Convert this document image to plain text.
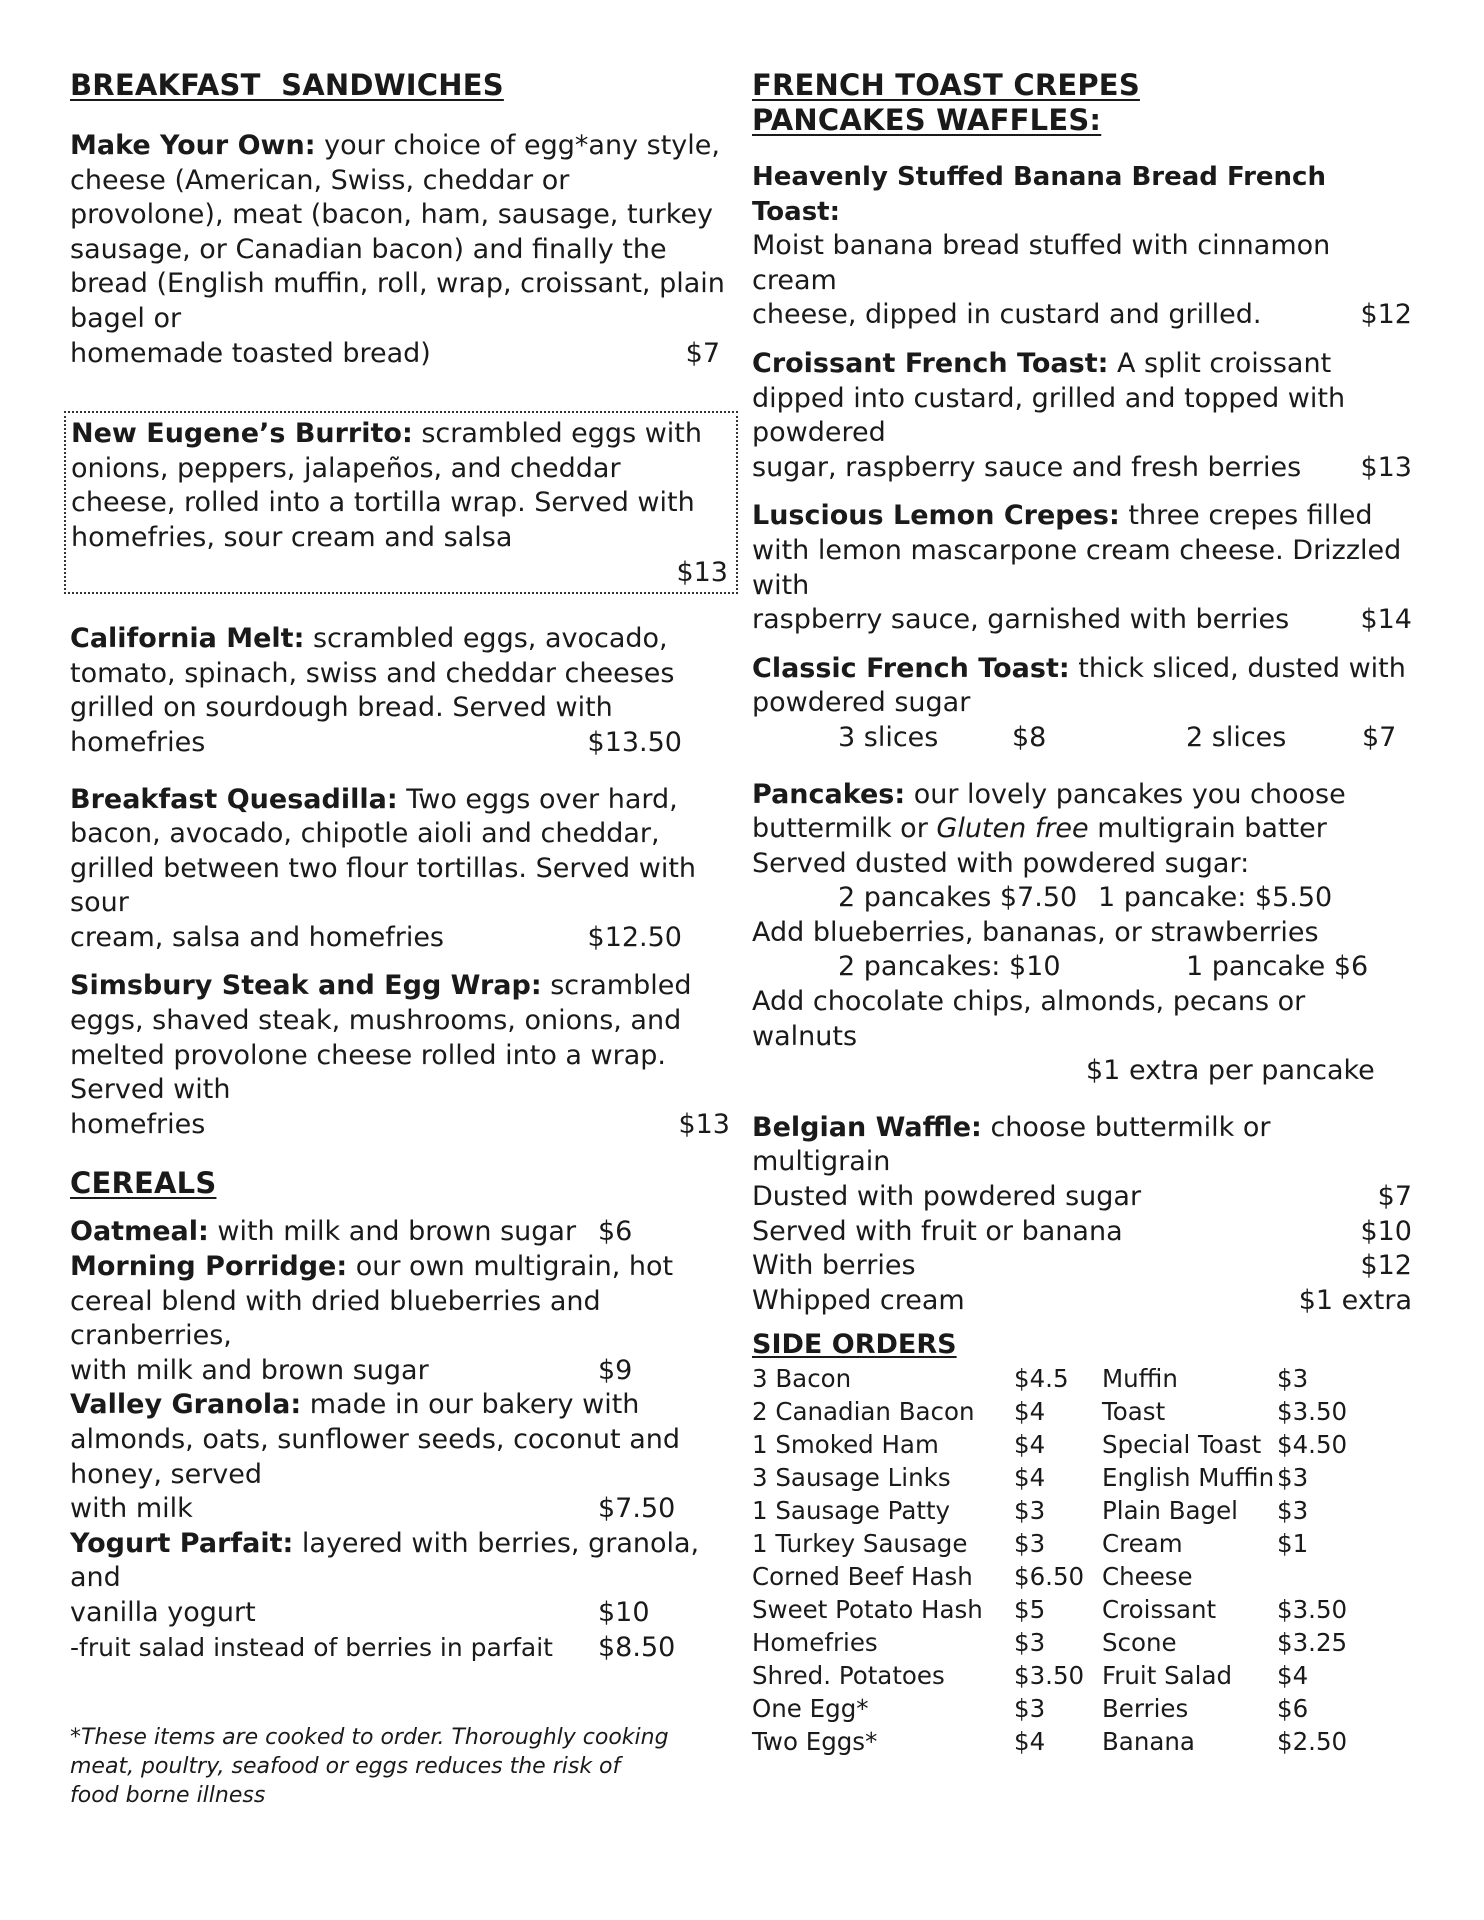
BREAKFAST  SANDWICHES

Make Your Own: your choice of egg*any style, cheese (American, Swiss, cheddar or provolone), meat (bacon, ham, sausage, turkey sausage, or Canadian bacon) and finally the bread (English muffin, roll, wrap, croissant, plain bagel or

homemade toasted bread)	$7

New Eugene’s Burrito: scrambled eggs with onions, peppers, jalapeños, and cheddar cheese, rolled into a tortilla wrap. Served with homefries, sour cream and salsa

$13

California Melt: scrambled eggs, avocado, tomato, spinach, swiss and cheddar cheeses grilled on sourdough bread. Served with

homefries	$13.50

Breakfast Quesadilla: Two eggs over hard, bacon, avocado, chipotle aioli and cheddar, grilled between two flour tortillas. Served with sour

cream, salsa and homefries	$12.50

Simsbury Steak and Egg Wrap: scrambled eggs, shaved steak, mushrooms, onions, and melted provolone cheese rolled into a wrap. Served with

homefries	$13
CEREALS
Oatmeal: with milk and brown sugar $6

Morning Porridge: our own multigrain, hot cereal blend with dried blueberries and cranberries,

with milk and brown sugar	$9

Valley Granola: made in our bakery with almonds, oats, sunflower seeds, coconut and honey, served

with milk	$7.50

Yogurt Parfait: layered with berries, granola, and

vanilla yogurt	$10
-fruit salad instead of berries in parfait	$8.50

*These items are cooked to order. Thoroughly cooking meat, poultry, seafood or eggs reduces the risk of
food borne illness

FRENCH TOAST CREPES
PANCAKES WAFFLES:

Heavenly Stuffed Banana Bread French Toast:
Moist banana bread stuffed with cinnamon cream

cheese, dipped in custard and grilled.	$12

Croissant French Toast: A split croissant dipped into custard, grilled and topped with powdered

sugar, raspberry sauce and fresh berries $13

Luscious Lemon Crepes: three crepes filled with lemon mascarpone cream cheese. Drizzled with

raspberry sauce, garnished with berries	$14

Classic French Toast: thick sliced, dusted with powdered sugar

3 slices	$8	2 slices	$7

Pancakes: our lovely pancakes you choose buttermilk or Gluten free multigrain batter
Served dusted with powdered sugar:

2 pancakes $7.50 1 pancake: $5.50

Add blueberries, bananas, or strawberries

2 pancakes: $10	1 pancake $6

Add chocolate chips, almonds, pecans or walnuts

$1 extra per pancake

Belgian Waffle: choose buttermilk or multigrain

Dusted with powdered sugar	$7
Served with fruit or banana	$10
With berries	$12
Whipped cream	$1 extra
SIDE ORDERS
3 Bacon	$4.5
2 Canadian Bacon	$4
1 Smoked Ham	$4
3 Sausage Links	$4
1 Sausage Patty	$3
1 Turkey Sausage	$3
Corned Beef Hash	$6.50
Sweet Potato Hash	$5
Homefries	$3
Shred. Potatoes	$3.50
One Egg*	$3
Two Eggs*	$4
Muffin	$3
Toast	$3.50
Special Toast $4.50
English Muffin $3
Plain Bagel	$3
Cream Cheese
$1
Croissant	$3.50
Scone	$3.25
Fruit Salad	$4
Berries	$6
Banana	$2.50
